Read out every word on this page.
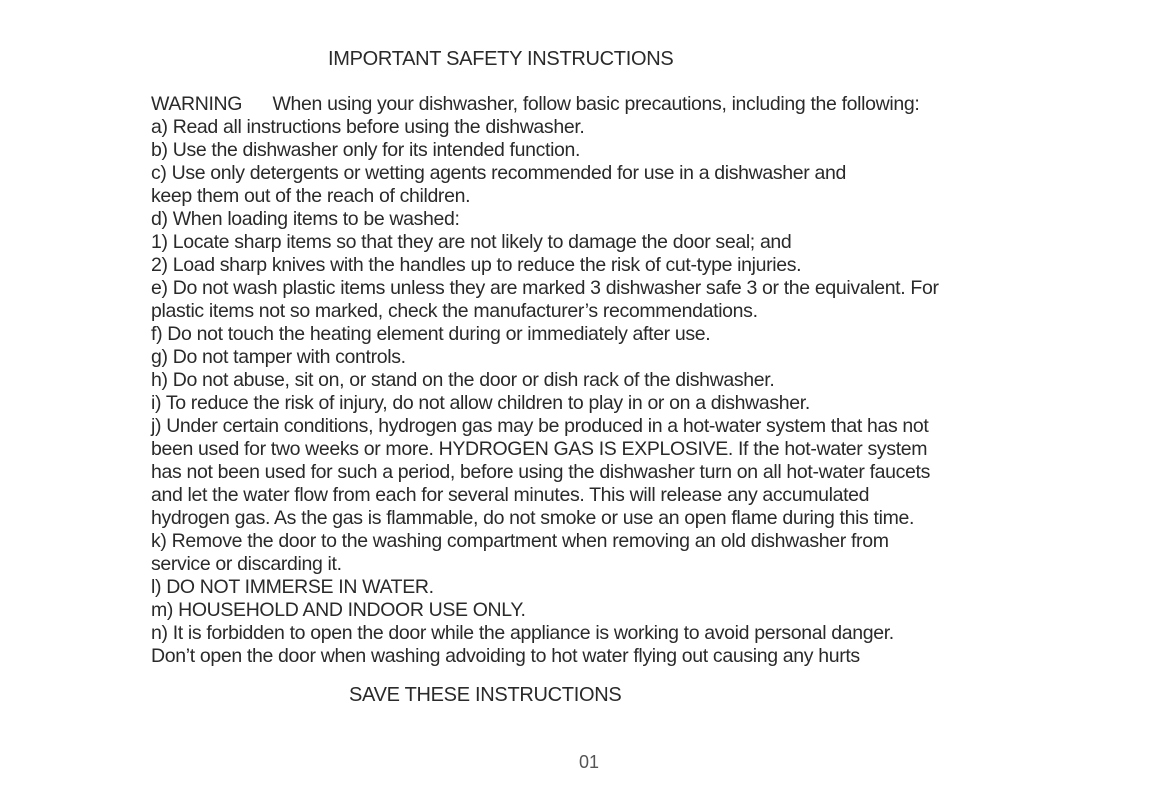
IMPORTANT SAFETY INSTRUCTIONS
WARNING      When using your dishwasher, follow basic precautions, including the following:
a) Read all instructions before using the dishwasher.
b) Use the dishwasher only for its intended function.
c) Use only detergents or wetting agents recommended for use in a dishwasher and
keep them out of the reach of children.
d) When loading items to be washed:
1) Locate sharp items so that they are not likely to damage the door seal; and
2) Load sharp knives with the handles up to reduce the risk of cut-type injuries.
e) Do not wash plastic items unless they are marked 3 dishwasher safe 3 or the equivalent. For
plastic items not so marked, check the manufacturer’s recommendations.
f) Do not touch the heating element during or immediately after use.
g) Do not tamper with controls.
h) Do not abuse, sit on, or stand on the door or dish rack of the dishwasher.
i) To reduce the risk of injury, do not allow children to play in or on a dishwasher.
j) Under certain conditions, hydrogen gas may be produced in a hot-water system that has not
been used for two weeks or more. HYDROGEN GAS IS EXPLOSIVE. If the hot-water system
has not been used for such a period, before using the dishwasher turn on all hot-water faucets
and let the water flow from each for several minutes. This will release any accumulated
hydrogen gas. As the gas is flammable, do not smoke or use an open flame during this time.
k) Remove the door to the washing compartment when removing an old dishwasher from
service or discarding it.
l) DO NOT IMMERSE IN WATER.
m) HOUSEHOLD AND INDOOR USE ONLY.
n) It is forbidden to open the door while the appliance is working to avoid personal danger.
Don’t open the door when washing advoiding to hot water flying out causing any hurts
SAVE THESE INSTRUCTIONS
01
